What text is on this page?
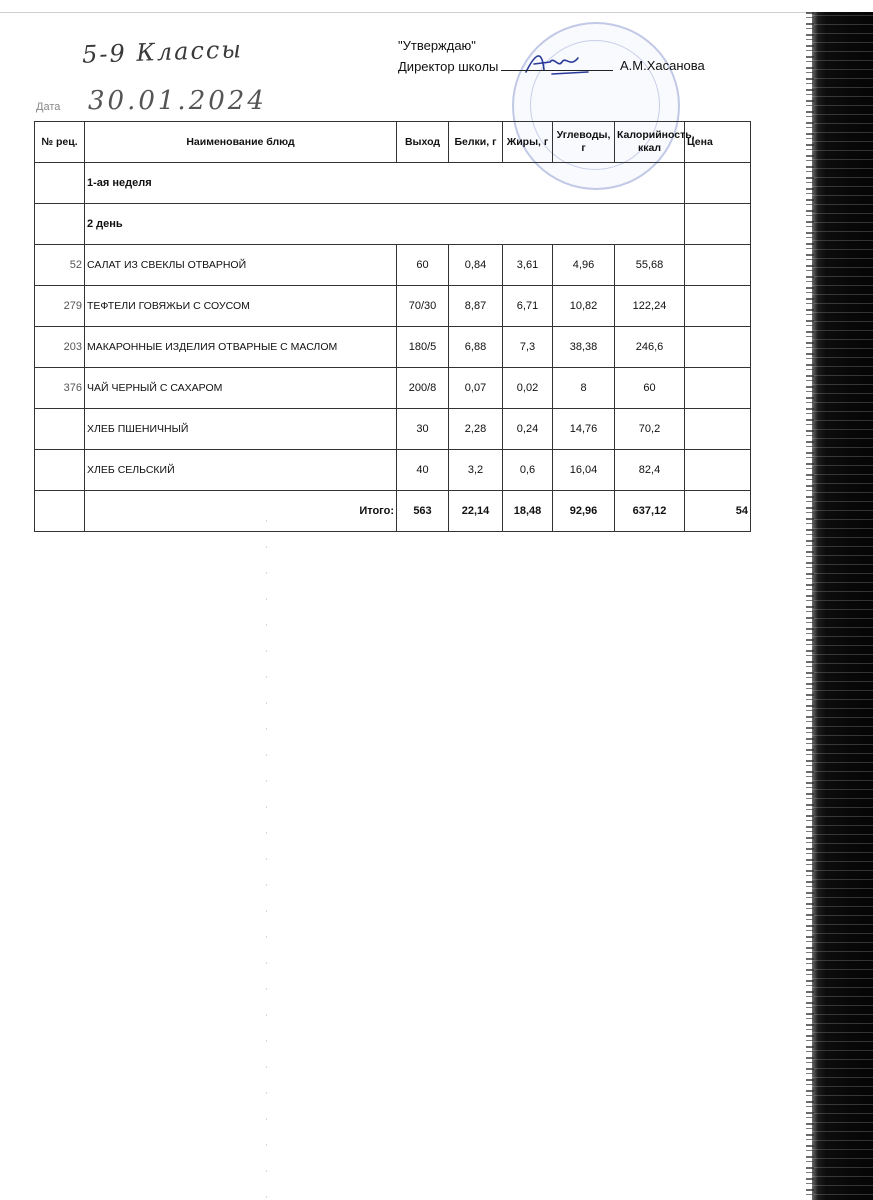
5-9 Классы
Дата 30.01.2024
"Утверждаю"
Директор школы	А.М.Хасанова
№ рец.	Наименование блюд	Выход	Белки, г	Жиры, г	Углеводы, г	Калорийность, ккал	Цена
	1-ая неделя						
	2 день						
52	САЛАТ ИЗ СВЕКЛЫ ОТВАРНОЙ	60	0,84	3,61	4,96	55,68	
279	ТЕФТЕЛИ ГОВЯЖЬИ С СОУСОМ	70/30	8,87	6,71	10,82	122,24	
203	МАКАРОННЫЕ ИЗДЕЛИЯ ОТВАРНЫЕ С МАСЛОМ	180/5	6,88	7,3	38,38	246,6	
376	ЧАЙ ЧЕРНЫЙ С САХАРОМ	200/8	0,07	0,02	8	60	
	ХЛЕБ ПШЕНИЧНЫЙ	30	2,28	0,24	14,76	70,2	
	ХЛЕБ СЕЛЬСКИЙ	40	3,2	0,6	16,04	82,4	
	Итого:	563	22,14	18,48	92,96	637,12	54
